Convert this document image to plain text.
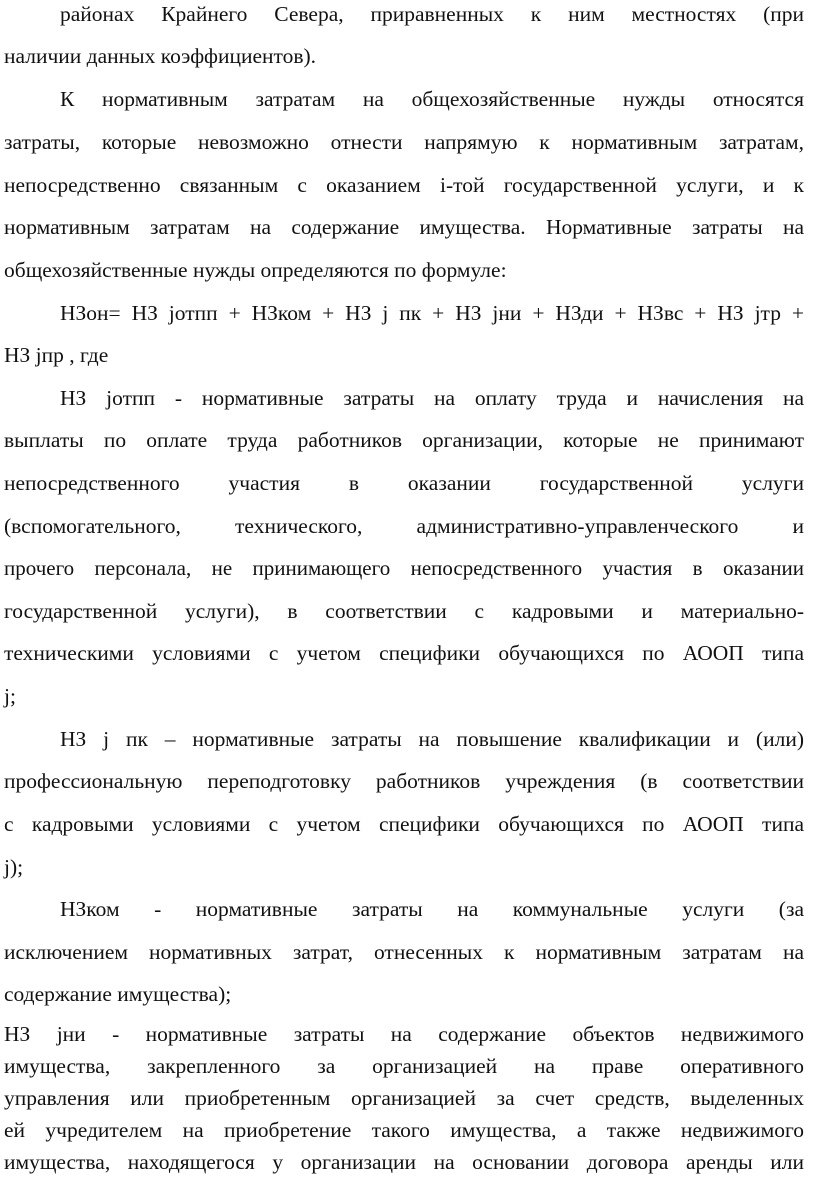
районах Крайнего Севера, приравненных к ним местностях (при
наличии данных коэффициентов).
К нормативным затратам на общехозяйственные нужды относятся
затраты, которые невозможно отнести напрямую к нормативным затратам,
непосредственно связанным с оказанием i-той государственной услуги, и к
нормативным затратам на содержание имущества. Нормативные затраты на
общехозяйственные нужды определяются по формуле:
НЗон= НЗ jотпп + НЗком + НЗ j пк + НЗ jни + НЗди + НЗвс + НЗ jтр +
НЗ jпр , где
НЗ jотпп - нормативные затраты на оплату труда и начисления на
выплаты по оплате труда работников организации, которые не принимают
непосредственного участия в оказании государственной услуги
(вспомогательного, технического, административно-управленческого и
прочего персонала, не принимающего непосредственного участия в оказании
государственной услуги), в соответствии с кадровыми и материально-
техническими условиями с учетом специфики обучающихся по АООП типа
j;
НЗ j пк – нормативные затраты на повышение квалификации и (или)
профессиональную переподготовку работников учреждения (в соответствии
с кадровыми условиями с учетом специфики обучающихся по АООП типа
j);
НЗком - нормативные затраты на коммунальные услуги (за
исключением нормативных затрат, отнесенных к нормативным затратам на
содержание имущества);
НЗ jни - нормативные затраты на содержание объектов недвижимого
имущества, закрепленного за организацией на праве оперативного
управления или приобретенным организацией за счет средств, выделенных
ей учредителем на приобретение такого имущества, а также недвижимого
имущества, находящегося у организации на основании договора аренды или
